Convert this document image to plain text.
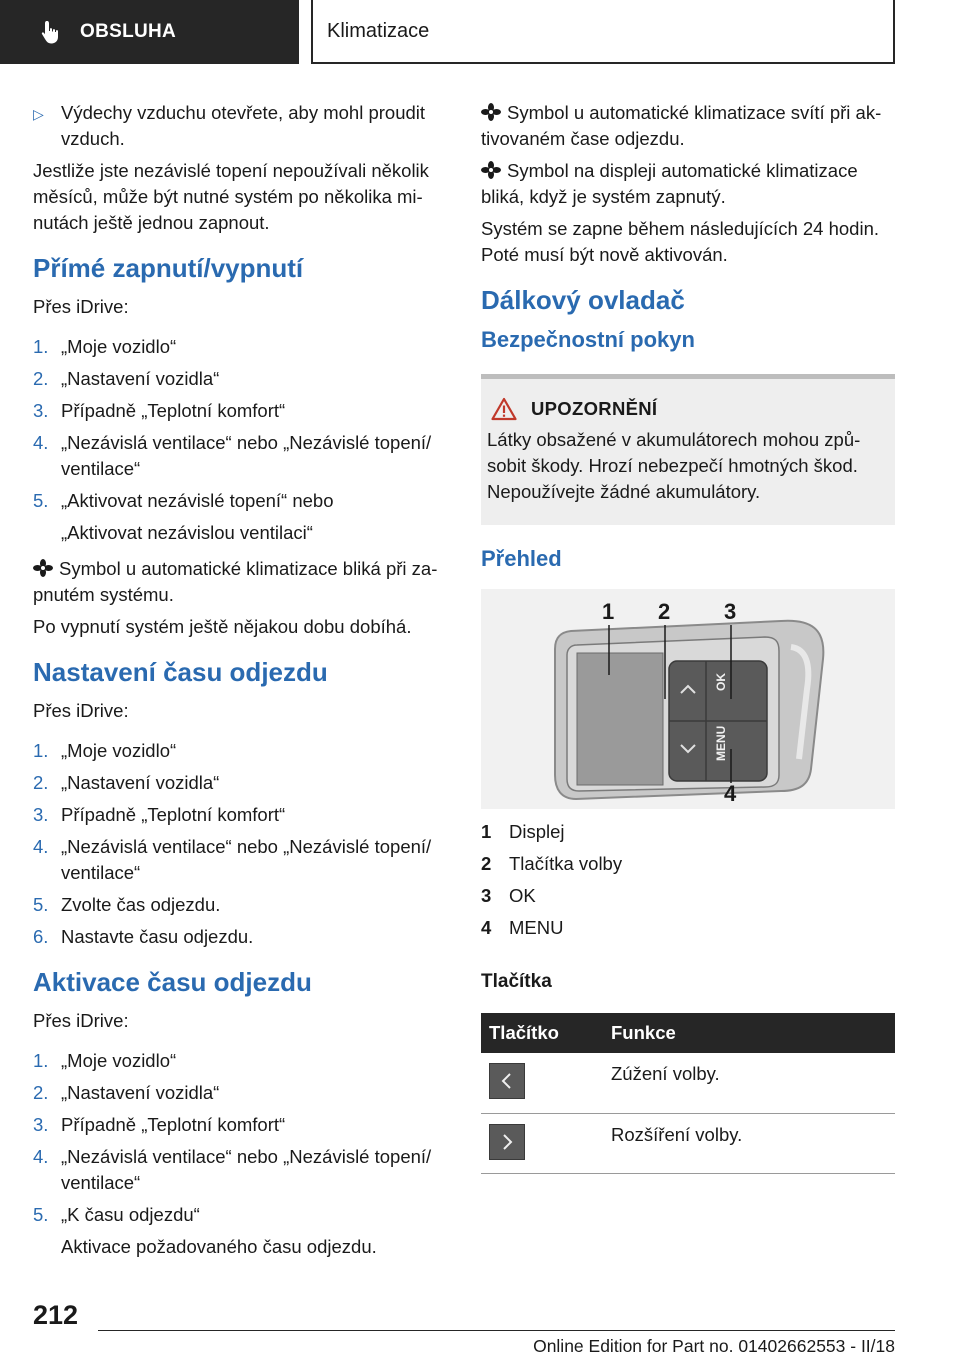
OBSLUHA	Klimatizace
▷ Výdechy vzduchu otevřete, aby mohl proudit vzduch.

Jestliže jste nezávislé topení nepoužívali několik měsíců, může být nutné systém po několika mi-nutách ještě jednou zapnout.

Přímé zapnutí/vypnutí

Přes iDrive:

1. „Moje vozidlo“
2. „Nastavení vozidla“
3. Případně „Teplotní komfort“
4. „Nezávislá ventilace“ nebo „Nezávislé topení/ ventilace“
5. „Aktivovat nezávislé topení“ nebo
„Aktivovat nezávislou ventilaci“

Symbol u automatické klimatizace bliká při za-pnutém systému.

Po vypnutí systém ještě nějakou dobu dobíhá.

Nastavení času odjezdu

Přes iDrive:

1. „Moje vozidlo“
2. „Nastavení vozidla“
3. Případně „Teplotní komfort“
4. „Nezávislá ventilace“ nebo „Nezávislé topení/ ventilace“
5. Zvolte čas odjezdu.
6. Nastavte času odjezdu.
Aktivace času odjezdu

Přes iDrive:

1. „Moje vozidlo“
2. „Nastavení vozidla“
3. Případně „Teplotní komfort“
4. „Nezávislá ventilace“ nebo „Nezávislé topení/ ventilace“
5. „K času odjezdu“
Aktivace požadovaného času odjezdu.

Symbol u automatické klimatizace svítí při ak-tivovaném čase odjezdu.

Symbol na displeji automatické klimatizace bliká, když je systém zapnutý.

Systém se zapne během následujících 24 hodin. Poté musí být nově aktivován.

Dálkový ovladač
Bezpečnostní pokyn
UPOZORNĚNÍ

Látky obsažené v akumulátorech mohou způ-sobit škody. Hrozí nebezpečí hmotných škod. Nepoužívejte žádné akumulátory.

Přehled
OK
MENU
1 2 3
4
1 Displej
2 Tlačítka volby
3 OK
4 MENU
Tlačítka
Tlačítko	Funkce

	Zúžení volby.

	Rozšíření volby.
212
Online Edition for Part no. 01402662553 - II/18
